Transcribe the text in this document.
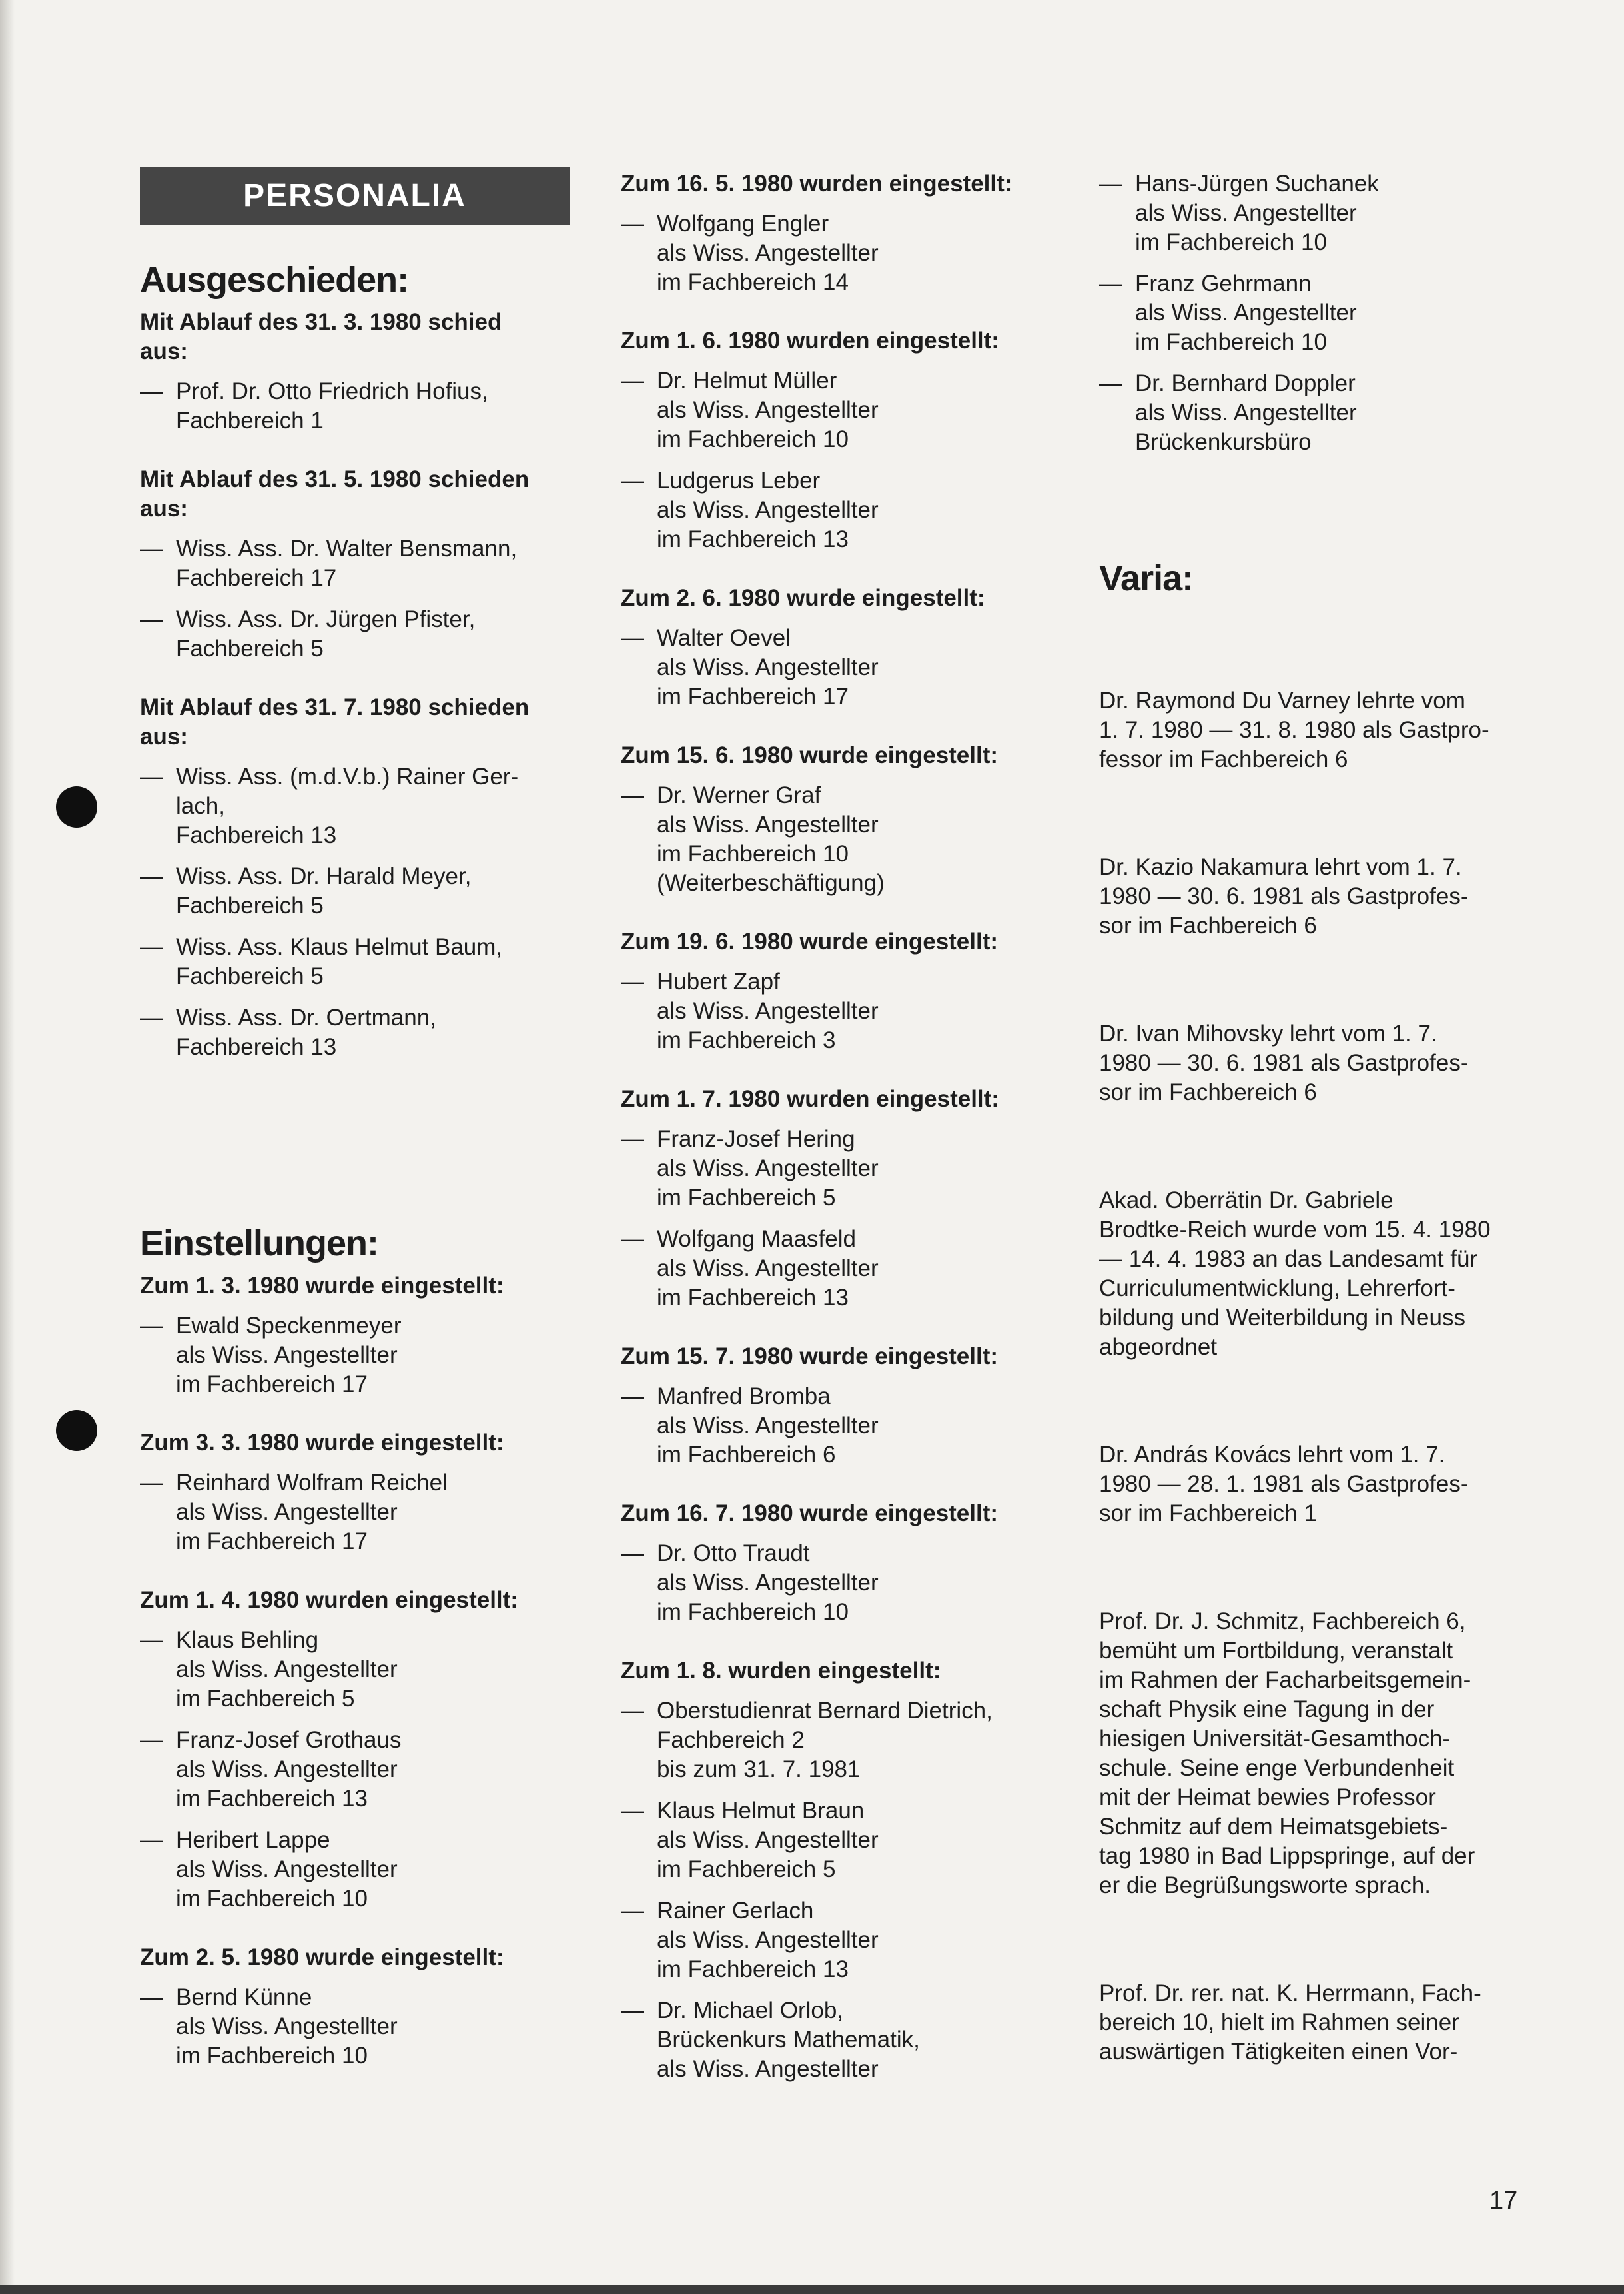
PERSONALIA
Ausgeschieden:
Mit Ablauf des 31. 3. 1980 schied
aus:
— Prof. Dr. Otto Friedrich Hofius,
Fachbereich 1
Mit Ablauf des 31. 5. 1980 schieden
aus:
— Wiss. Ass. Dr. Walter Bensmann,
Fachbereich 17
— Wiss. Ass. Dr. Jürgen Pfister,
Fachbereich 5
Mit Ablauf des 31. 7. 1980 schieden
aus:
— Wiss. Ass. (m.d.V.b.) Rainer Ger-
lach,
Fachbereich 13
— Wiss. Ass. Dr. Harald Meyer,
Fachbereich 5
— Wiss. Ass. Klaus Helmut Baum,
Fachbereich 5
— Wiss. Ass. Dr. Oertmann,
Fachbereich 13
Einstellungen:
Zum 1. 3. 1980 wurde eingestellt:
— Ewald Speckenmeyer
als Wiss. Angestellter
im Fachbereich 17
Zum 3. 3. 1980 wurde eingestellt:
— Reinhard Wolfram Reichel
als Wiss. Angestellter
im Fachbereich 17
Zum 1. 4. 1980 wurden eingestellt:
— Klaus Behling
als Wiss. Angestellter
im Fachbereich 5
— Franz-Josef Grothaus
als Wiss. Angestellter
im Fachbereich 13
— Heribert Lappe
als Wiss. Angestellter
im Fachbereich 10
Zum 2. 5. 1980 wurde eingestellt:
— Bernd Künne
als Wiss. Angestellter
im Fachbereich 10
Zum 16. 5. 1980 wurden eingestellt:
— Wolfgang Engler
als Wiss. Angestellter
im Fachbereich 14
Zum 1. 6. 1980 wurden eingestellt:
— Dr. Helmut Müller
als Wiss. Angestellter
im Fachbereich 10
— Ludgerus Leber
als Wiss. Angestellter
im Fachbereich 13
Zum 2. 6. 1980 wurde eingestellt:
— Walter Oevel
als Wiss. Angestellter
im Fachbereich 17
Zum 15. 6. 1980 wurde eingestellt:
— Dr. Werner Graf
als Wiss. Angestellter
im Fachbereich 10
(Weiterbeschäftigung)
Zum 19. 6. 1980 wurde eingestellt:
— Hubert Zapf
als Wiss. Angestellter
im Fachbereich 3
Zum 1. 7. 1980 wurden eingestellt:
— Franz-Josef Hering
als Wiss. Angestellter
im Fachbereich 5
— Wolfgang Maasfeld
als Wiss. Angestellter
im Fachbereich 13
Zum 15. 7. 1980 wurde eingestellt:
— Manfred Bromba
als Wiss. Angestellter
im Fachbereich 6
Zum 16. 7. 1980 wurde eingestellt:
— Dr. Otto Traudt
als Wiss. Angestellter
im Fachbereich 10
Zum 1. 8. wurden eingestellt:
— Oberstudienrat Bernard Dietrich,
Fachbereich 2
bis zum 31. 7. 1981
— Klaus Helmut Braun
als Wiss. Angestellter
im Fachbereich 5
— Rainer Gerlach
als Wiss. Angestellter
im Fachbereich 13
— Dr. Michael Orlob,
Brückenkurs Mathematik,
als Wiss. Angestellter
— Hans-Jürgen Suchanek
als Wiss. Angestellter
im Fachbereich 10
— Franz Gehrmann
als Wiss. Angestellter
im Fachbereich 10
— Dr. Bernhard Doppler
als Wiss. Angestellter
Brückenkursbüro
Varia:
Dr. Raymond Du Varney lehrte vom
1. 7. 1980 — 31. 8. 1980 als Gastpro-
fessor im Fachbereich 6
Dr. Kazio Nakamura lehrt vom 1. 7.
1980 — 30. 6. 1981 als Gastprofes-
sor im Fachbereich 6
Dr. Ivan Mihovsky lehrt vom 1. 7.
1980 — 30. 6. 1981 als Gastprofes-
sor im Fachbereich 6
Akad. Oberrätin Dr. Gabriele
Brodtke-Reich wurde vom 15. 4. 1980
— 14. 4. 1983 an das Landesamt für
Curriculumentwicklung, Lehrerfort-
bildung und Weiterbildung in Neuss
abgeordnet
Dr. András Kovács lehrt vom 1. 7.
1980 — 28. 1. 1981 als Gastprofes-
sor im Fachbereich 1
Prof. Dr. J. Schmitz, Fachbereich 6,
bemüht um Fortbildung, veranstalt
im Rahmen der Facharbeitsgemein-
schaft Physik eine Tagung in der
hiesigen Universität-Gesamthoch-
schule. Seine enge Verbundenheit
mit der Heimat bewies Professor
Schmitz auf dem Heimatsgebiets-
tag 1980 in Bad Lippspringe, auf der
er die Begrüßungsworte sprach.
Prof. Dr. rer. nat. K. Herrmann, Fach-
bereich 10, hielt im Rahmen seiner
auswärtigen Tätigkeiten einen Vor-
17
